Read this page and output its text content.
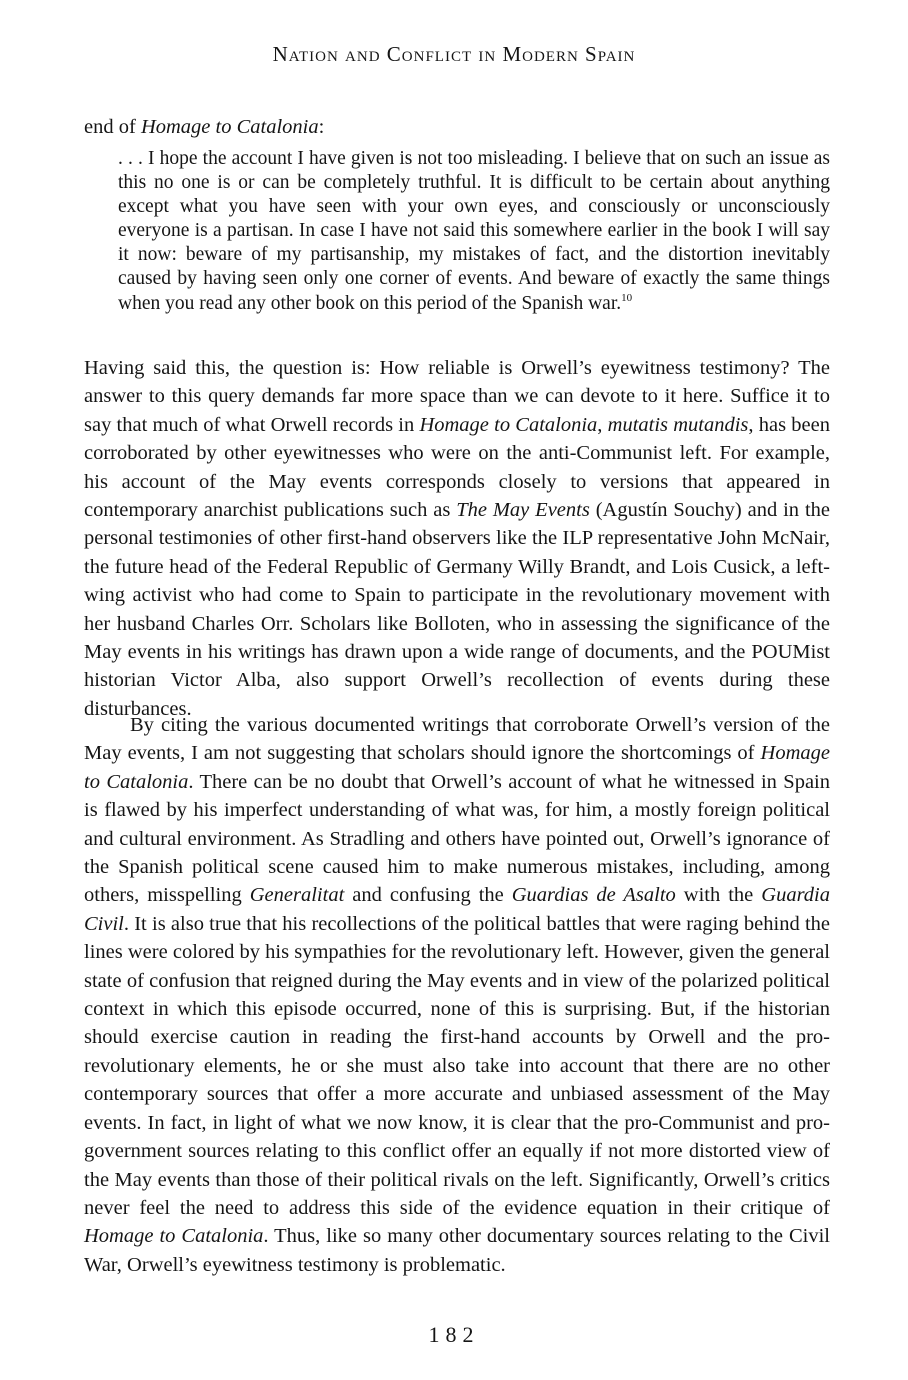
Nation and Conflict in Modern Spain

end of Homage to Catalonia:

. . . I hope the account I have given is not too misleading. I believe that on such an issue as this no one is or can be completely truthful. It is difficult to be certain about anything except what you have seen with your own eyes, and consciously or unconsciously everyone is a partisan. In case I have not said this somewhere earlier in the book I will say it now: beware of my partisanship, my mistakes of fact, and the distortion inevitably caused by having seen only one corner of events. And beware of exactly the same things when you read any other book on this period of the Spanish war.$^{10}$

Having said this, the question is: How reliable is Orwell’s eyewitness testimony? The answer to this query demands far more space than we can devote to it here. Suffice it to say that much of what Orwell records in Homage to Catalonia, mutatis mutandis, has been corroborated by other eyewitnesses who were on the anti-Communist left. For example, his account of the May events corresponds closely to versions that appeared in contemporary anarchist publications such as The May Events (Agustín Souchy) and in the personal testimonies of other first-hand observers like the ILP representative John McNair, the future head of the Federal Republic of Germany Willy Brandt, and Lois Cusick, a left-wing activist who had come to Spain to participate in the revolutionary movement with her husband Charles Orr. Scholars like Bolloten, who in assessing the significance of the May events in his writings has drawn upon a wide range of documents, and the POUMist historian Victor Alba, also support Orwell’s recollection of events during these disturbances.

By citing the various documented writings that corroborate Orwell’s version of the May events, I am not suggesting that scholars should ignore the shortcomings of Homage to Catalonia. There can be no doubt that Orwell’s account of what he witnessed in Spain is flawed by his imperfect understanding of what was, for him, a mostly foreign political and cultural environment. As Stradling and others have pointed out, Orwell’s ignorance of the Spanish political scene caused him to make numerous mistakes, including, among others, misspelling Generalitat and confusing the Guardias de Asalto with the Guardia Civil. It is also true that his recollections of the political battles that were raging behind the lines were colored by his sympathies for the revolutionary left. However, given the general state of confusion that reigned during the May events and in view of the polarized political context in which this episode occurred, none of this is surprising. But, if the historian should exercise caution in reading the first-hand accounts by Orwell and the pro-revolutionary elements, he or she must also take into account that there are no other contemporary sources that offer a more accurate and unbiased assessment of the May events. In fact, in light of what we now know, it is clear that the pro-Communist and pro-government sources relating to this conflict offer an equally if not more distorted view of the May events than those of their political rivals on the left. Significantly, Orwell’s critics never feel the need to address this side of the evidence equation in their critique of Homage to Catalonia. Thus, like so many other documentary sources relating to the Civil War, Orwell’s eyewitness testimony is problematic.

182
